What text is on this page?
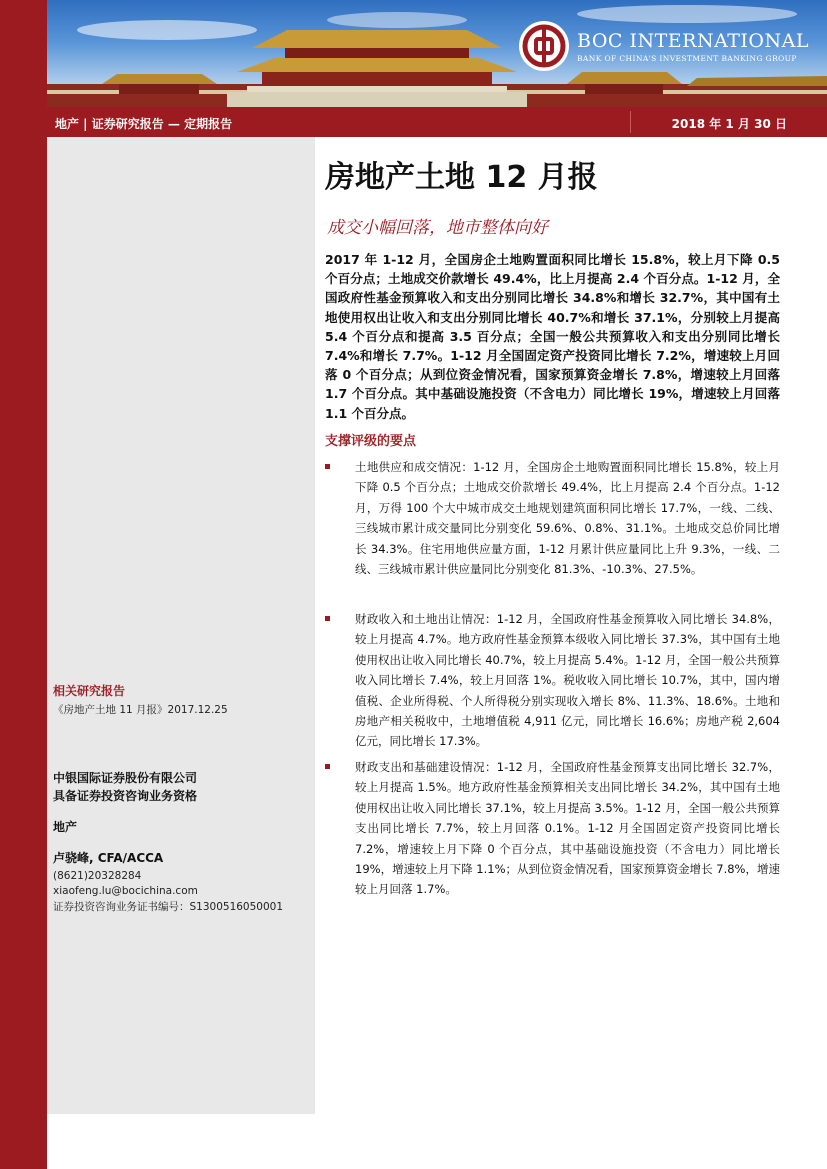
BOC INTERNATIONAL
BANK OF CHINA'S INVESTMENT BANKING GROUP
地产 | 证券研究报告 — 定期报告	2018 年 1 月 30 日
相关研究报告
《房地产土地 11 月报》2017.12.25
中银国际证券股份有限公司
具备证券投资咨询业务资格
地产
卢骁峰, CFA/ACCA
(8621)20328284
xiaofeng.lu@bocichina.com
证券投资咨询业务证书编号：S1300516050001
房地产土地 12 月报
成交小幅回落，地市整体向好
2017 年 1-12 月，全国房企土地购置面积同比增长 15.8%，较上月下降 0.5 个百分点；土地成交价款增长 49.4%，比上月提高 2.4 个百分点。1-12 月，全国政府性基金预算收入和支出分别同比增长 34.8%和增长 32.7%，其中国有土地使用权出让收入和支出分别同比增长 40.7%和增长 37.1%，分别较上月提高 5.4 个百分点和提高 3.5 百分点；全国一般公共预算收入和支出分别同比增长 7.4%和增长 7.7%。1-12 月全国固定资产投资同比增长 7.2%，增速较上月回落 0 个百分点；从到位资金情况看，国家预算资金增长 7.8%，增速较上月回落 1.7 个百分点。其中基础设施投资（不含电力）同比增长 19%，增速较上月回落 1.1 个百分点。
支撑评级的要点
土地供应和成交情况：1-12 月，全国房企土地购置面积同比增长 15.8%，较上月下降 0.5 个百分点；土地成交价款增长 49.4%，比上月提高 2.4 个百分点。1-12 月，万得 100 个大中城市成交土地规划建筑面积同比增长 17.7%，一线、二线、三线城市累计成交量同比分别变化 59.6%、0.8%、31.1%。土地成交总价同比增长 34.3%。住宅用地供应量方面，1-12 月累计供应量同比上升 9.3%，一线、二线、三线城市累计供应量同比分别变化 81.3%、-10.3%、27.5%。
财政收入和土地出让情况：1-12 月，全国政府性基金预算收入同比增长 34.8%，较上月提高 4.7%。地方政府性基金预算本级收入同比增长 37.3%，其中国有土地使用权出让收入同比增长 40.7%，较上月提高 5.4%。1-12 月，全国一般公共预算收入同比增长 7.4%，较上月回落 1%。税收收入同比增长 10.7%，其中，国内增值税、企业所得税、个人所得税分别实现收入增长 8%、11.3%、18.6%。土地和房地产相关税收中，土地增值税 4,911 亿元，同比增长 16.6%；房地产税 2,604 亿元，同比增长 17.3%。
财政支出和基础建设情况：1-12 月，全国政府性基金预算支出同比增长 32.7%，较上月提高 1.5%。地方政府性基金预算相关支出同比增长 34.2%，其中国有土地使用权出让收入同比增长 37.1%，较上月提高 3.5%。1-12 月，全国一般公共预算支出同比增长 7.7%，较上月回落 0.1%。1-12 月全国固定资产投资同比增长 7.2%，增速较上月下降 0 个百分点，其中基础设施投资（不含电力）同比增长 19%，增速较上月下降 1.1%；从到位资金情况看，国家预算资金增长 7.8%，增速较上月回落 1.7%。
